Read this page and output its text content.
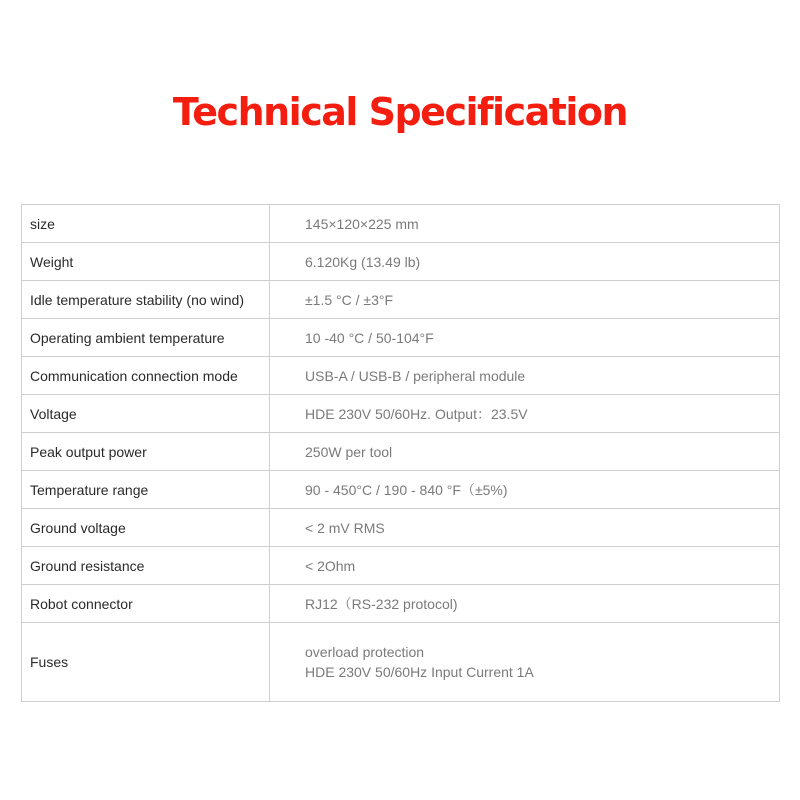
Technical Specification
size	145×120×225 mm
Weight	6.120Kg (13.49 lb)
Idle temperature stability (no wind)	±1.5 °C / ±3°F
Operating ambient temperature	10 -40 °C / 50-104°F
Communication connection mode	USB-A / USB-B / peripheral module
Voltage	HDE 230V 50/60Hz. Output：23.5V
Peak output power	250W per tool
Temperature range	90 - 450°C / 190 - 840 °F（±5%)
Ground voltage	< 2 mV RMS
Ground resistance	< 2Ohm
Robot connector	RJ12（RS-232 protocol)
Fuses	overload protection
HDE 230V 50/60Hz Input Current 1A
